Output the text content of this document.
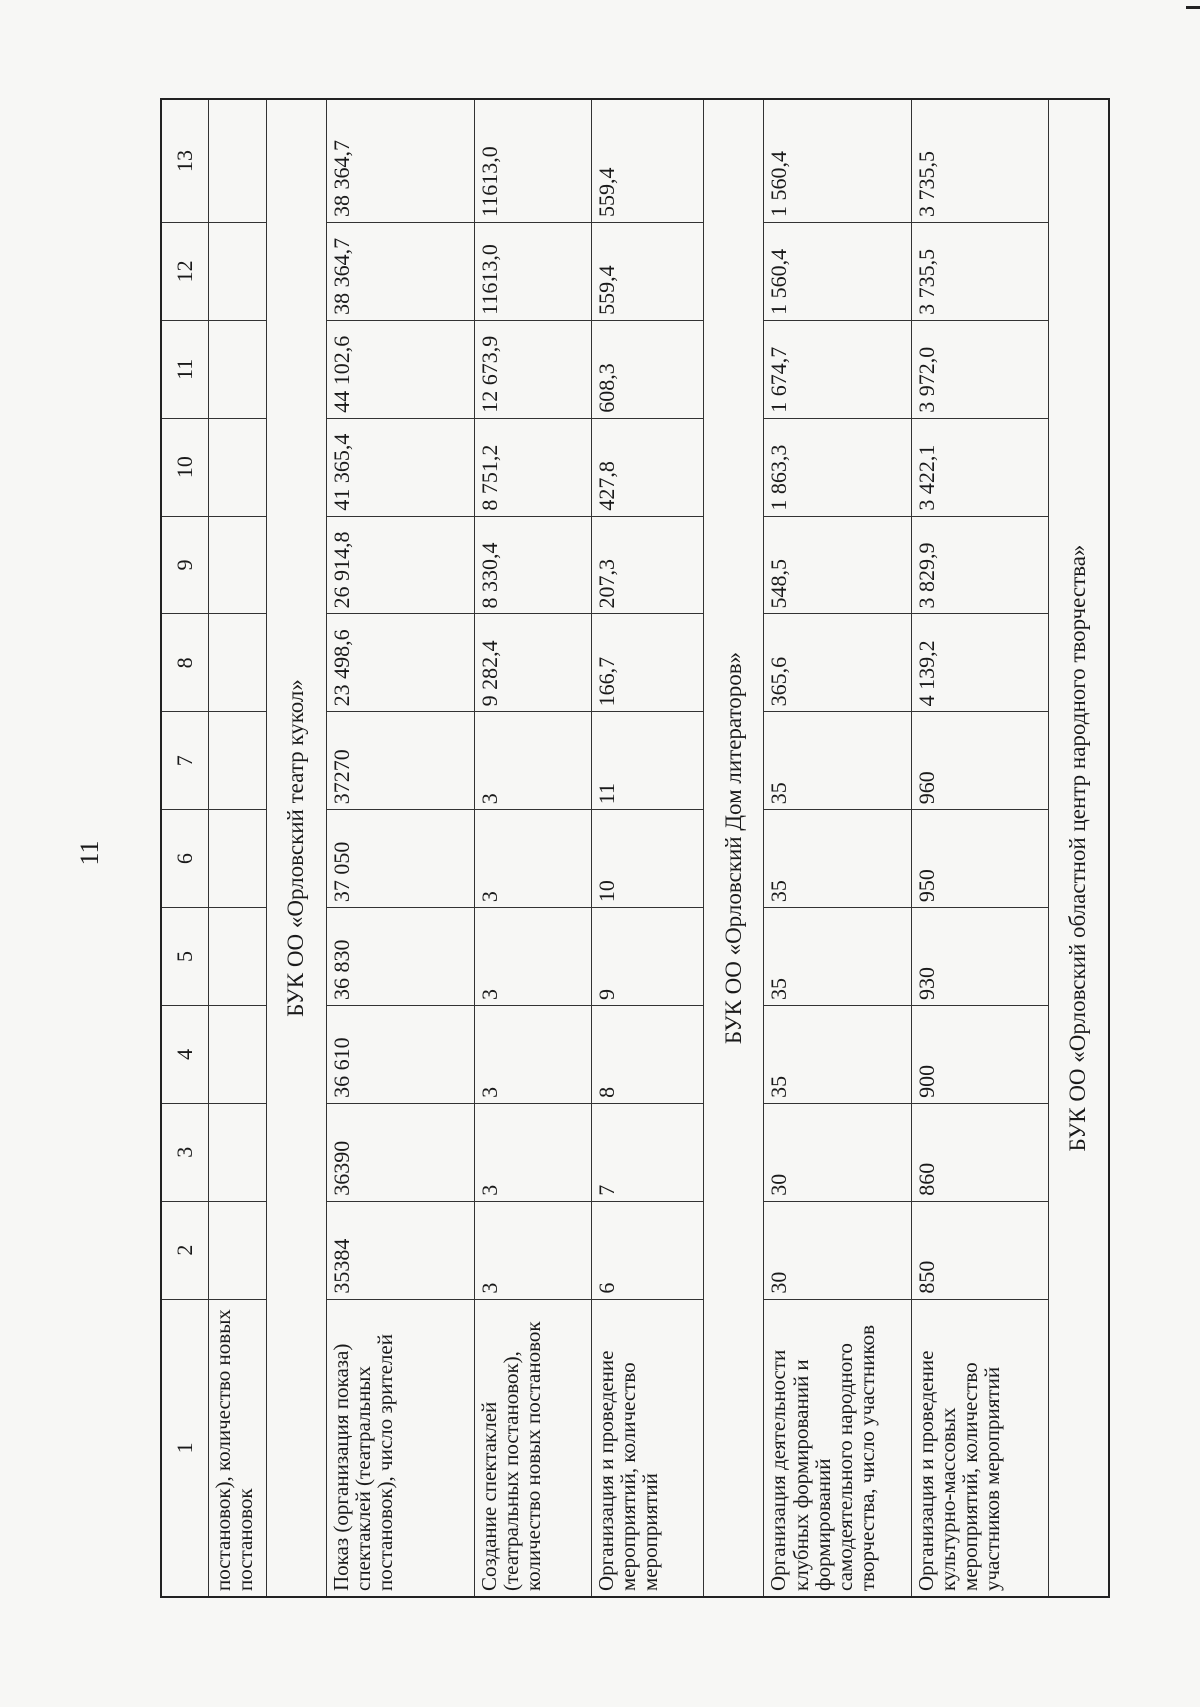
11
1	2	3	4	5	6	7	8	9	10	11	12	13
постановок), количество новых постановок												
БУК ОО «Орловский театр кукол»												
Показ (организация показа) спектаклей (театральных постановок), число зрителей	35384	36390	36 610	36 830	37 050	37270	23 498,6	26 914,8	41 365,4	44 102,6	38 364,7	38 364,7
Создание спектаклей (театральных постановок), количество новых постановок	3	3	3	3	3	3	9 282,4	8 330,4	8 751,2	12 673,9	11613,0	11613,0
Организация и проведение мероприятий, количество мероприятий	6	7	8	9	10	11	166,7	207,3	427,8	608,3	559,4	559,4
БУК ОО «Орловский Дом литераторов»												
Организация деятельности клубных формирований и формирований самодеятельного народного творчества, число участников	30	30	35	35	35	35	365,6	548,5	1 863,3	1 674,7	1 560,4	1 560,4
Организация и проведение культурно-массовых мероприятий, количество участников мероприятий	850	860	900	930	950	960	4 139,2	3 829,9	3 422,1	3 972,0	3 735,5	3 735,5
БУК ОО «Орловский областной центр народного творчества»												
